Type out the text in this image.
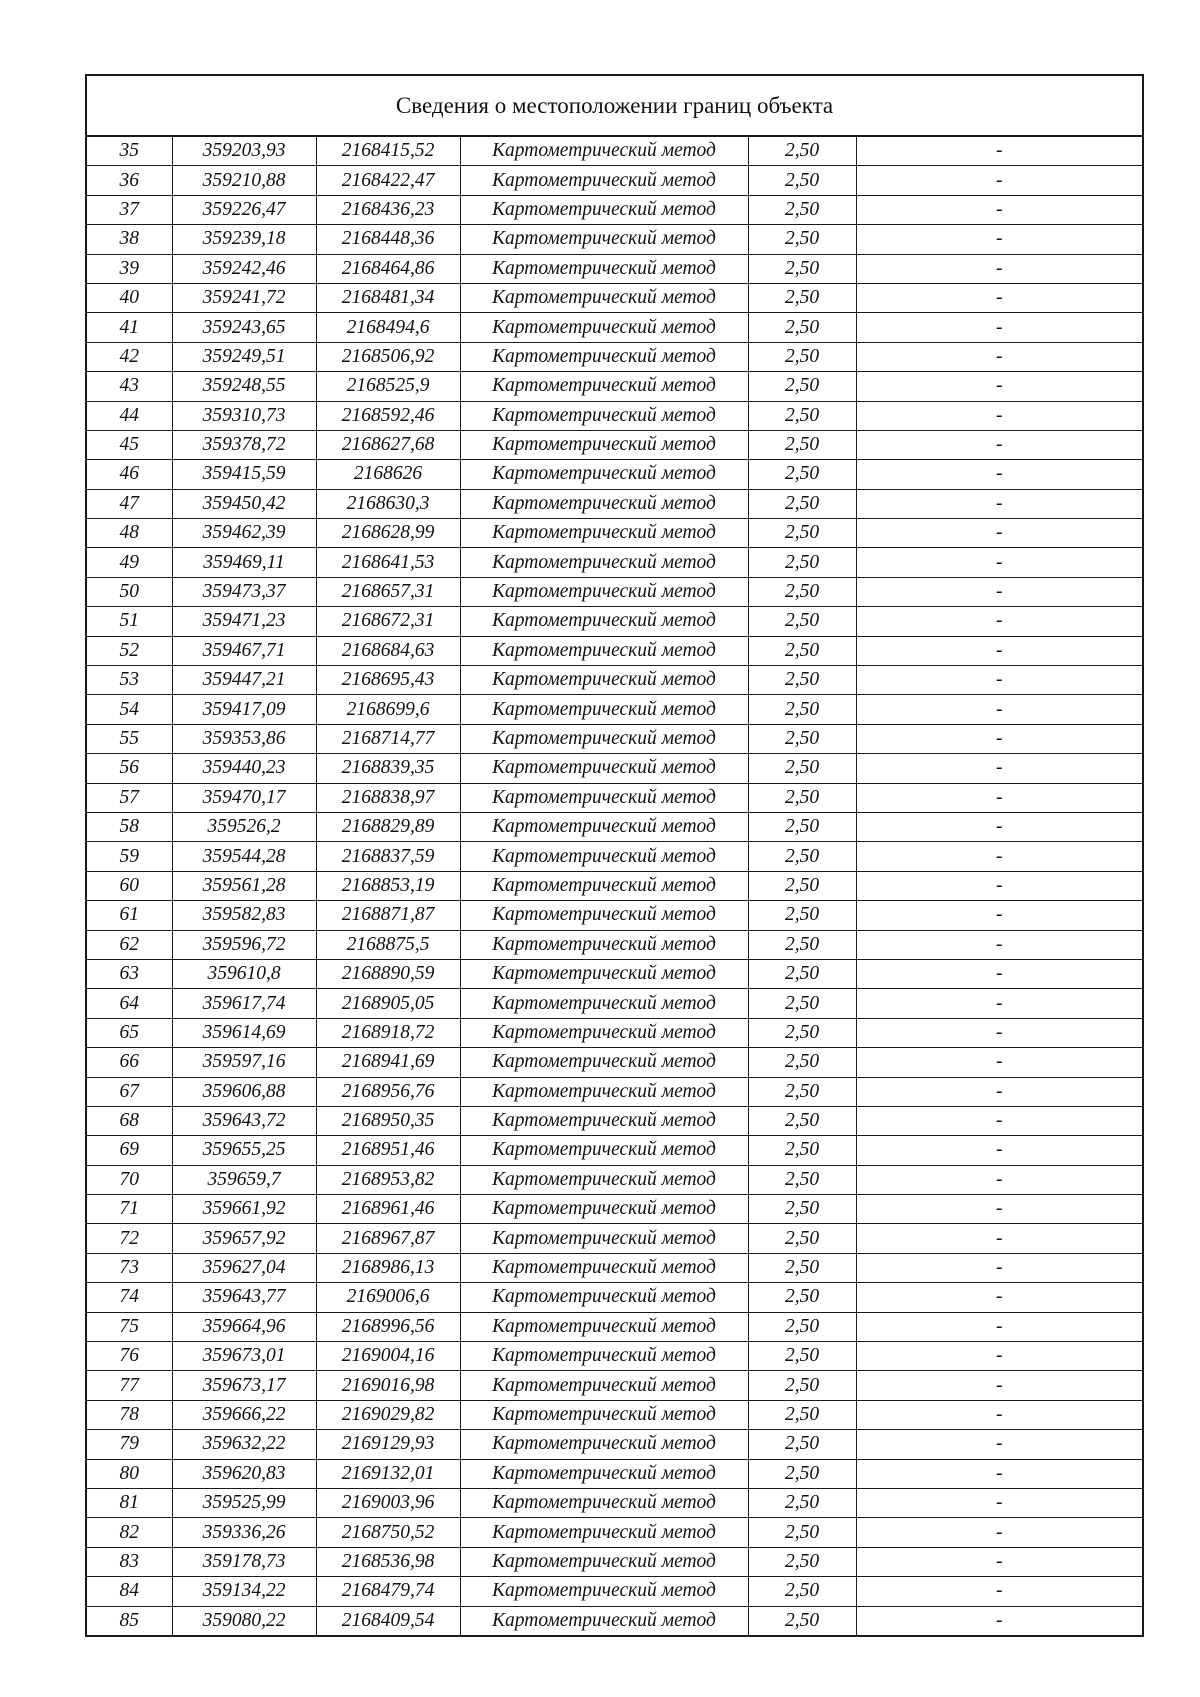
Сведения о местоположении границ объекта					
35	359203,93	2168415,52	Картометрический метод	2,50	-
36	359210,88	2168422,47	Картометрический метод	2,50	-
37	359226,47	2168436,23	Картометрический метод	2,50	-
38	359239,18	2168448,36	Картометрический метод	2,50	-
39	359242,46	2168464,86	Картометрический метод	2,50	-
40	359241,72	2168481,34	Картометрический метод	2,50	-
41	359243,65	2168494,6	Картометрический метод	2,50	-
42	359249,51	2168506,92	Картометрический метод	2,50	-
43	359248,55	2168525,9	Картометрический метод	2,50	-
44	359310,73	2168592,46	Картометрический метод	2,50	-
45	359378,72	2168627,68	Картометрический метод	2,50	-
46	359415,59	2168626	Картометрический метод	2,50	-
47	359450,42	2168630,3	Картометрический метод	2,50	-
48	359462,39	2168628,99	Картометрический метод	2,50	-
49	359469,11	2168641,53	Картометрический метод	2,50	-
50	359473,37	2168657,31	Картометрический метод	2,50	-
51	359471,23	2168672,31	Картометрический метод	2,50	-
52	359467,71	2168684,63	Картометрический метод	2,50	-
53	359447,21	2168695,43	Картометрический метод	2,50	-
54	359417,09	2168699,6	Картометрический метод	2,50	-
55	359353,86	2168714,77	Картометрический метод	2,50	-
56	359440,23	2168839,35	Картометрический метод	2,50	-
57	359470,17	2168838,97	Картометрический метод	2,50	-
58	359526,2	2168829,89	Картометрический метод	2,50	-
59	359544,28	2168837,59	Картометрический метод	2,50	-
60	359561,28	2168853,19	Картометрический метод	2,50	-
61	359582,83	2168871,87	Картометрический метод	2,50	-
62	359596,72	2168875,5	Картометрический метод	2,50	-
63	359610,8	2168890,59	Картометрический метод	2,50	-
64	359617,74	2168905,05	Картометрический метод	2,50	-
65	359614,69	2168918,72	Картометрический метод	2,50	-
66	359597,16	2168941,69	Картометрический метод	2,50	-
67	359606,88	2168956,76	Картометрический метод	2,50	-
68	359643,72	2168950,35	Картометрический метод	2,50	-
69	359655,25	2168951,46	Картометрический метод	2,50	-
70	359659,7	2168953,82	Картометрический метод	2,50	-
71	359661,92	2168961,46	Картометрический метод	2,50	-
72	359657,92	2168967,87	Картометрический метод	2,50	-
73	359627,04	2168986,13	Картометрический метод	2,50	-
74	359643,77	2169006,6	Картометрический метод	2,50	-
75	359664,96	2168996,56	Картометрический метод	2,50	-
76	359673,01	2169004,16	Картометрический метод	2,50	-
77	359673,17	2169016,98	Картометрический метод	2,50	-
78	359666,22	2169029,82	Картометрический метод	2,50	-
79	359632,22	2169129,93	Картометрический метод	2,50	-
80	359620,83	2169132,01	Картометрический метод	2,50	-
81	359525,99	2169003,96	Картометрический метод	2,50	-
82	359336,26	2168750,52	Картометрический метод	2,50	-
83	359178,73	2168536,98	Картометрический метод	2,50	-
84	359134,22	2168479,74	Картометрический метод	2,50	-
85	359080,22	2168409,54	Картометрический метод	2,50	-
